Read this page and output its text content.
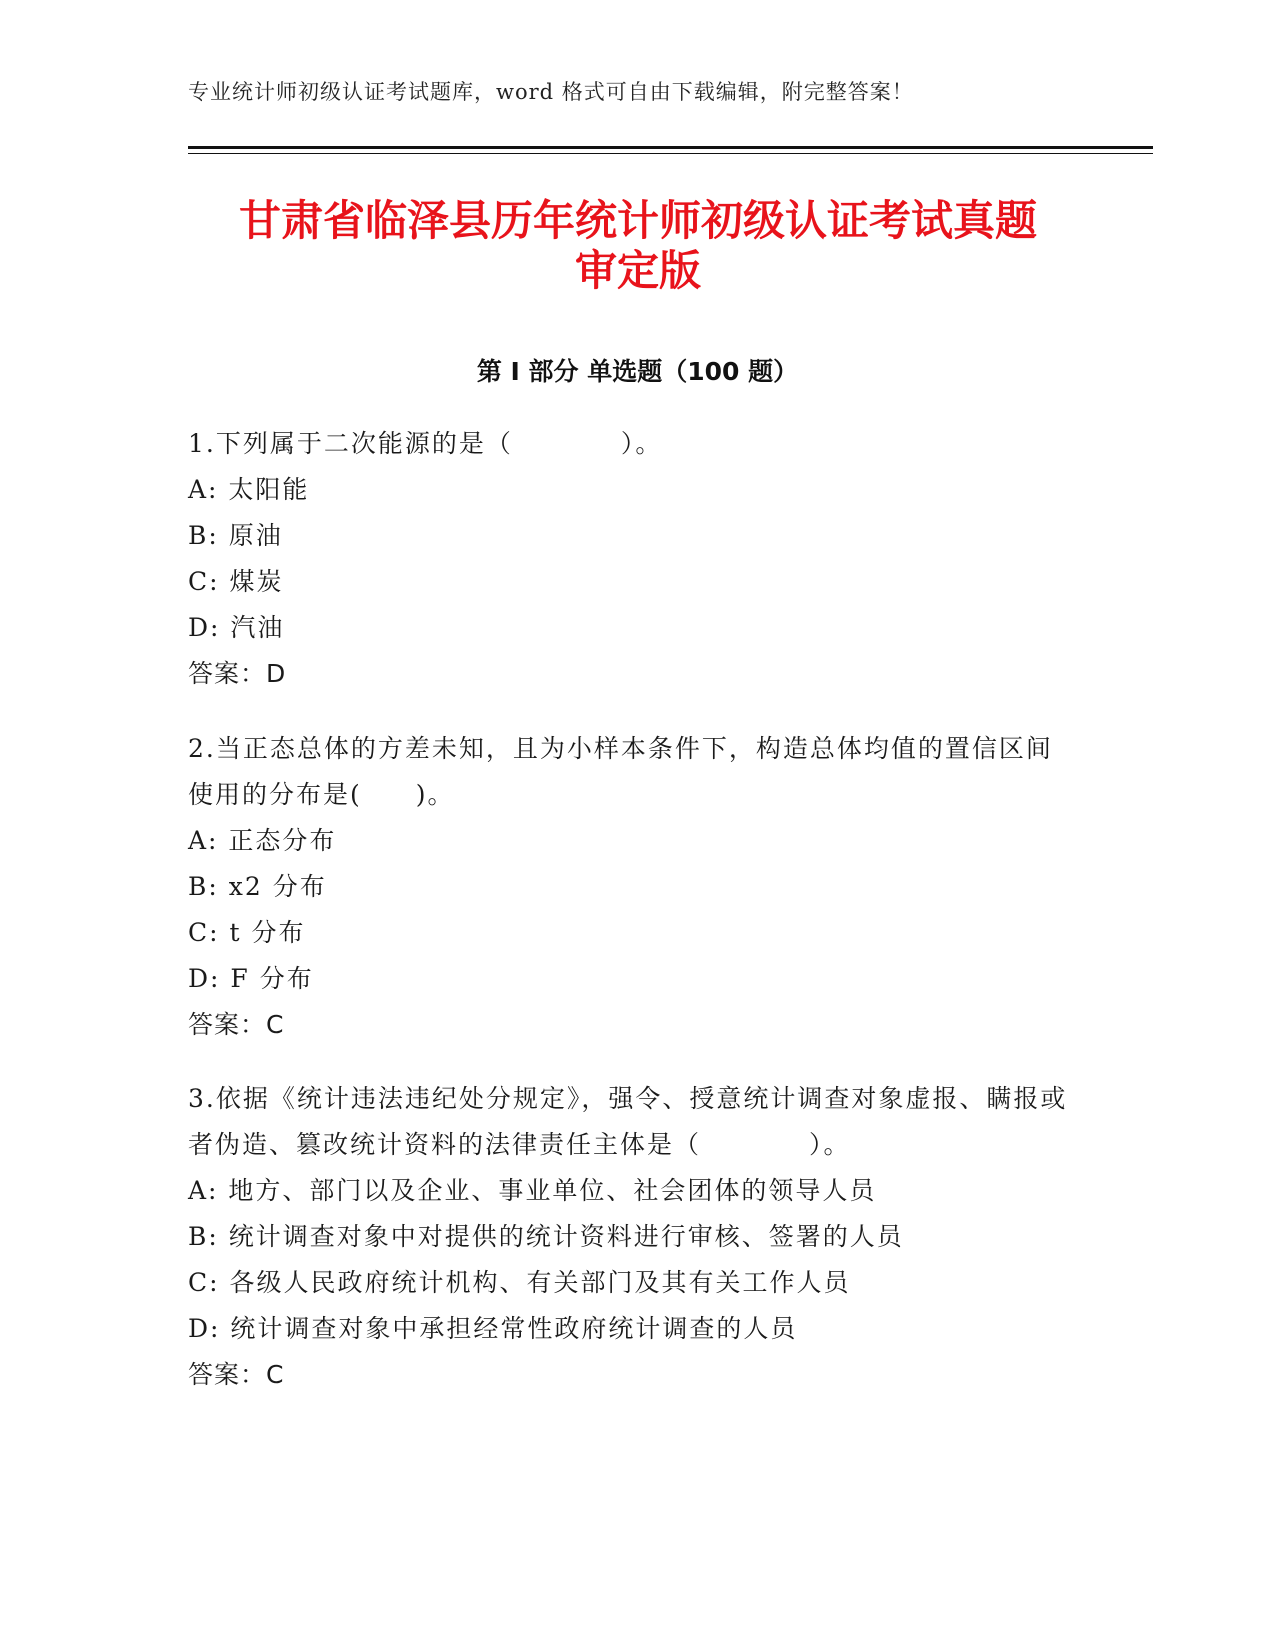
专业统计师初级认证考试题库，word 格式可自由下载编辑，附完整答案！
甘肃省临泽县历年统计师初级认证考试真题
审定版
第 I 部分 单选题（100 题）

1.下列属于二次能源的是（　　　　）。

A: 太阳能

B: 原油

C: 煤炭

D: 汽油

答案：D

2.当正态总体的方差未知，且为小样本条件下，构造总体均值的置信区间使用的分布是(　　)。

A: 正态分布

B: x2 分布

C: t 分布

D: F 分布

答案：C

3.依据《统计违法违纪处分规定》，强令、授意统计调查对象虚报、瞒报或者伪造、篡改统计资料的法律责任主体是（　　　　）。

A: 地方、部门以及企业、事业单位、社会团体的领导人员

B: 统计调查对象中对提供的统计资料进行审核、签署的人员

C: 各级人民政府统计机构、有关部门及其有关工作人员

D: 统计调查对象中承担经常性政府统计调查的人员

答案：C
